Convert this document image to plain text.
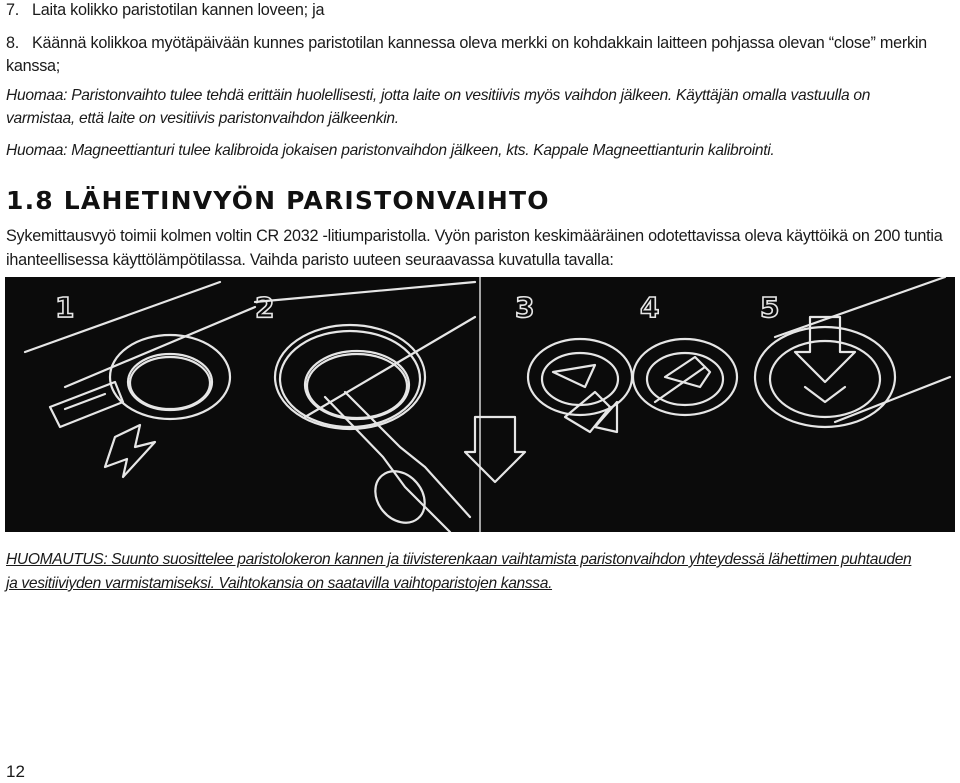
7. Laita kolikko paristotilan kannen loveen; ja
8. Käännä kolikkoa myötäpäivään kunnes paristotilan kannessa oleva merkki on kohdakkain laitteen pohjassa olevan “close” merkin
kanssa;
Huomaa: Paristonvaihto tulee tehdä erittäin huolellisesti, jotta laite on vesitiivis myös vaihdon jälkeen. Käyttäjän omalla vastuulla on
varmistaa, että laite on vesitiivis paristonvaihdon jälkeenkin.
Huomaa: Magneettianturi tulee kalibroida jokaisen paristonvaihdon jälkeen, kts. Kappale Magneettianturin kalibrointi.
1.8 LÄHETINVYÖN PARISTONVAIHTO
Sykemittausvyö toimii kolmen voltin CR 2032 -litiumparistolla. Vyön pariston keskimääräinen odotettavissa oleva käyttöikä on 200 tuntia
ihanteellisessa käyttölämpötilassa. Vaihda paristo uuteen seuraavassa kuvatulla tavalla:
1	2	3	4	5
HUOMAUTUS: Suunto suosittelee paristolokeron kannen ja tiivisterenkaan vaihtamista paristonvaihdon yhteydessä lähettimen puhtauden
ja vesitiiviyden varmistamiseksi. Vaihtokansia on saatavilla vaihtoparistojen kanssa.
12
